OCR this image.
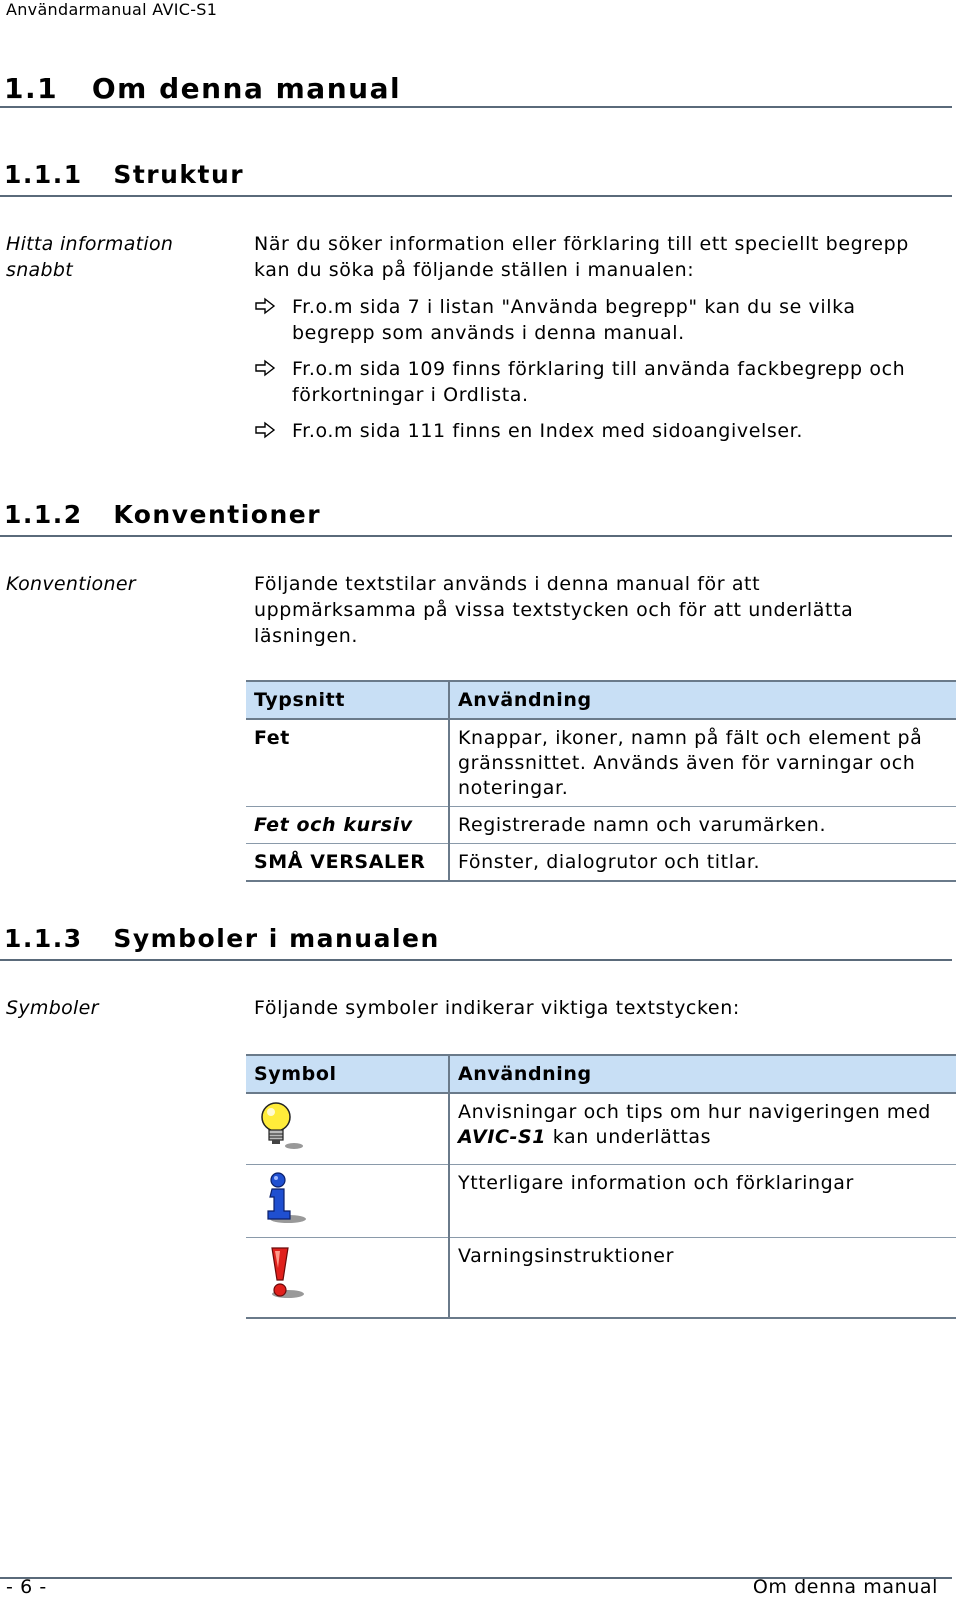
Användarmanual AVIC-S1
1.1 Om denna manual
1.1.1 Struktur
Hitta information snabbt
När du söker information eller förklaring till ett speciellt begrepp kan du söka på följande ställen i manualen:
Fr.o.m sida 7 i listan "Använda begrepp" kan du se vilka begrepp som används i denna manual.
Fr.o.m sida 109 finns förklaring till använda fackbegrepp och förkortningar i Ordlista.
Fr.o.m sida 111 finns en Index med sidoangivelser.
1.1.2 Konventioner
Konventioner	Följande textstilar används i denna manual för att uppmärksamma på vissa textstycken och för att underlätta läsningen.
Typsnitt	Användning
Fet	Knappar, ikoner, namn på fält och element på gränssnittet. Används även för varningar och noteringar.
Fet och kursiv	Registrerade namn och varumärken.
SMÅ VERSALER	Fönster, dialogrutor och titlar.
1.1.3 Symboler i manualen
Symboler	Följande symboler indikerar viktiga textstycken:
Symbol	Användning
	Anvisningar och tips om hur navigeringen med AVIC-S1 kan underlättas
	Ytterligare information och förklaringar
	Varningsinstruktioner
- 6 -	Om denna manual
